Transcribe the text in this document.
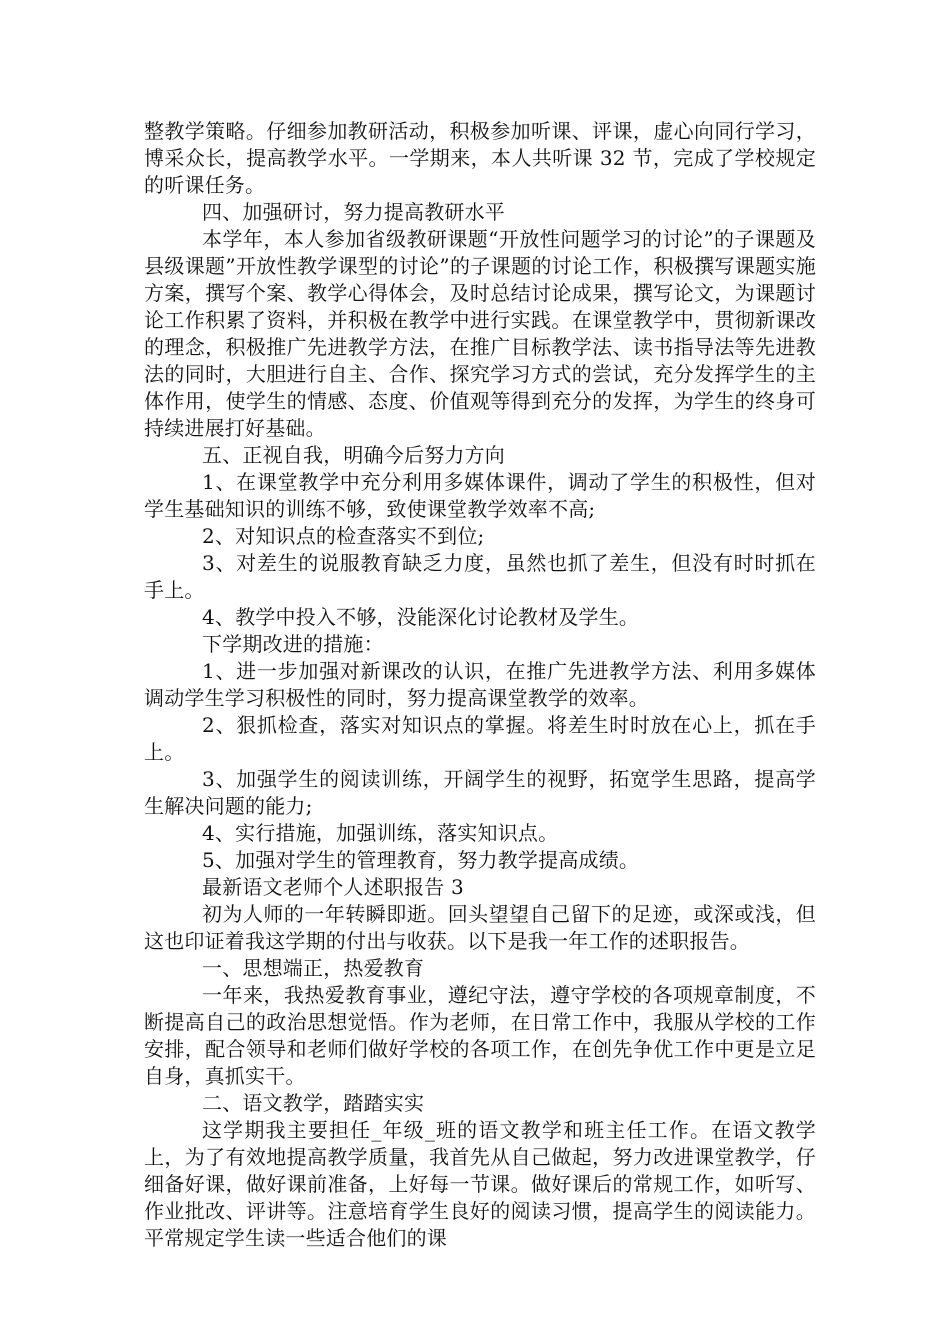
整教学策略。仔细参加教研活动，积极参加听课、评课，虚心向同行学习，博采众长，提高教学水平。一学期来，本人共听课 32 节，完成了学校规定的听课任务。

四、加强研讨，努力提高教研水平

本学年，本人参加省级教研课题“开放性问题学习的讨论”的子课题及县级课题”开放性教学课型的讨论”的子课题的讨论工作，积极撰写课题实施方案，撰写个案、教学心得体会，及时总结讨论成果，撰写论文，为课题讨论工作积累了资料，并积极在教学中进行实践。在课堂教学中，贯彻新课改的理念，积极推广先进教学方法，在推广目标教学法、读书指导法等先进教法的同时，大胆进行自主、合作、探究学习方式的尝试，充分发挥学生的主体作用，使学生的情感、态度、价值观等得到充分的发挥，为学生的终身可持续进展打好基础。

五、正视自我，明确今后努力方向

1、在课堂教学中充分利用多媒体课件，调动了学生的积极性，但对学生基础知识的训练不够，致使课堂教学效率不高;

2、对知识点的检查落实不到位;

3、对差生的说服教育缺乏力度，虽然也抓了差生，但没有时时抓在手上。

4、教学中投入不够，没能深化讨论教材及学生。

下学期改进的措施：

1、进一步加强对新课改的认识，在推广先进教学方法、利用多媒体调动学生学习积极性的同时，努力提高课堂教学的效率。

2、狠抓检查，落实对知识点的掌握。将差生时时放在心上，抓在手上。

3、加强学生的阅读训练，开阔学生的视野，拓宽学生思路，提高学生解决问题的能力;

4、实行措施，加强训练，落实知识点。

5、加强对学生的管理教育，努力教学提高成绩。

最新语文老师个人述职报告 3

初为人师的一年转瞬即逝。回头望望自己留下的足迹，或深或浅，但这也印证着我这学期的付出与收获。以下是我一年工作的述职报告。

一、思想端正，热爱教育

一年来，我热爱教育事业，遵纪守法，遵守学校的各项规章制度，不断提高自己的政治思想觉悟。作为老师，在日常工作中，我服从学校的工作安排，配合领导和老师们做好学校的各项工作，在创先争优工作中更是立足自身，真抓实干。

二、语文教学，踏踏实实

这学期我主要担任_年级_班的语文教学和班主任工作。在语文教学上，为了有效地提高教学质量，我首先从自己做起，努力改进课堂教学，仔细备好课，做好课前准备，上好每一节课。做好课后的常规工作，如听写、作业批改、评讲等。注意培育学生良好的阅读习惯，提高学生的阅读能力。平常规定学生读一些适合他们的课
